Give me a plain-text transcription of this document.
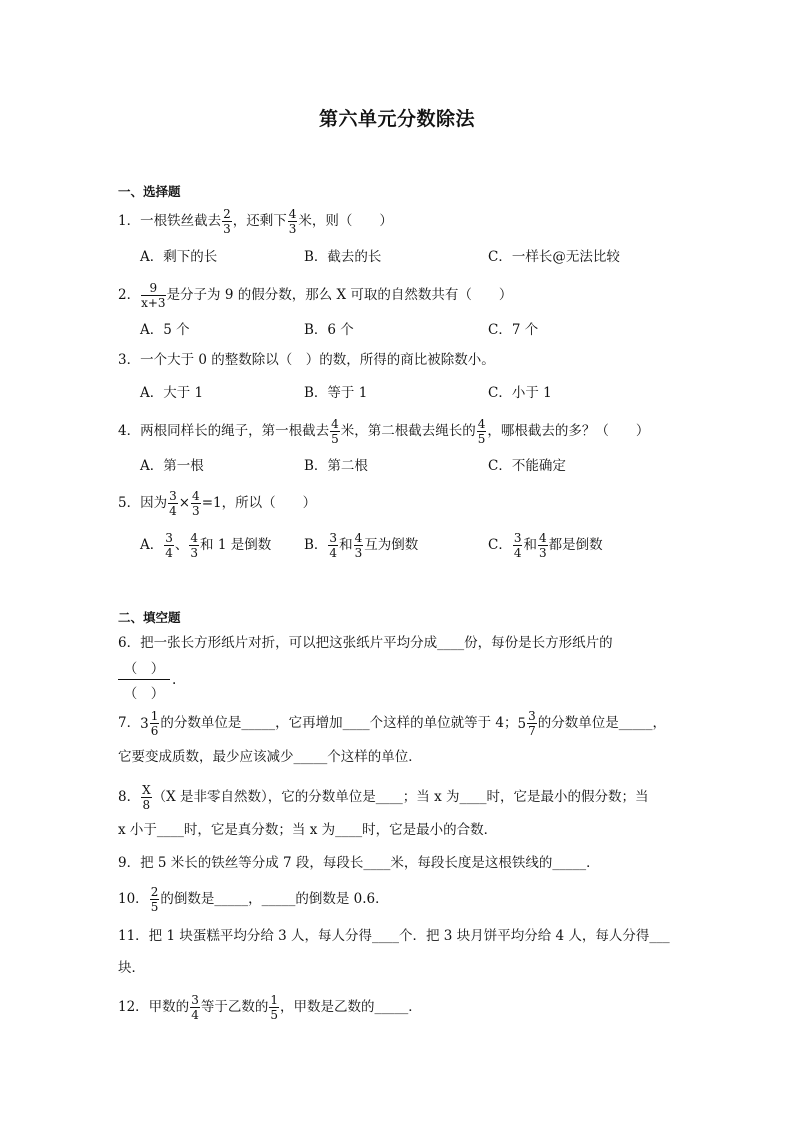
第六单元分数除法
一、选择题
1．一根铁丝截去 $\frac{2}{3}$ ，还剩下 $\frac{4}{3}$ 米，则（　　）
A．剩下的长	B．截去的长	C．一样长@无法比较
2． $\frac{9}{x+3}$ 是分子为 9 的假分数，那么 X 可取的自然数共有（　　）
A．5 个	B．6 个	C．7 个
3．一个大于 0 的整数除以（　）的数，所得的商比被除数小。
A．大于 1	B．等于 1	C．小于 1
4．两根同样长的绳子，第一根截去 $\frac{4}{5}$ 米，第二根截去绳长的 $\frac{4}{5}$ ，哪根截去的多？（　　）
A．第一根	B．第二根	C．不能确定
5．因为 $\frac{3}{4} \times \frac{4}{3} =1$，所以（　　）
A． $\frac{3}{4}$ 、 $\frac{4}{3}$ 和 1 是倒数 B． $\frac{3}{4}$ 和 $\frac{4}{3}$ 互为倒数	C． $\frac{3}{4}$ 和 $\frac{4}{3}$ 都是倒数
二、填空题
6．把一张长方形纸片对折，可以把这张纸片平均分成____份，每份是长方形纸片的
（　）
（　）
.
7．$3 \frac{1}{6}$ 的分数单位是_____，它再增加____个这样的单位就等于 4；$5 \frac{3}{7}$ 的分数单位是_____，
它要变成质数，最少应该减少_____个这样的单位．
8． $\frac{X}{8} (X$ 是非零自然数），它的分数单位是____；当 x 为____时，它是最小的假分数；当
x 小于____时，它是真分数；当 x 为____时，它是最小的合数．
9．把 5 米长的铁丝等分成 7 段，每段长____米，每段长度是这根铁线的_____．
10． $\frac{2}{5}$ 的倒数是_____，_____的倒数是 0.6．
11．把 1 块蛋糕平均分给 3 人，每人分得____个．把 3 块月饼平均分给 4 人，每人分得___
块．
12．甲数的 $\frac{3}{4}$ 等于乙数的 $\frac{1}{5}$ ，甲数是乙数的_____．
